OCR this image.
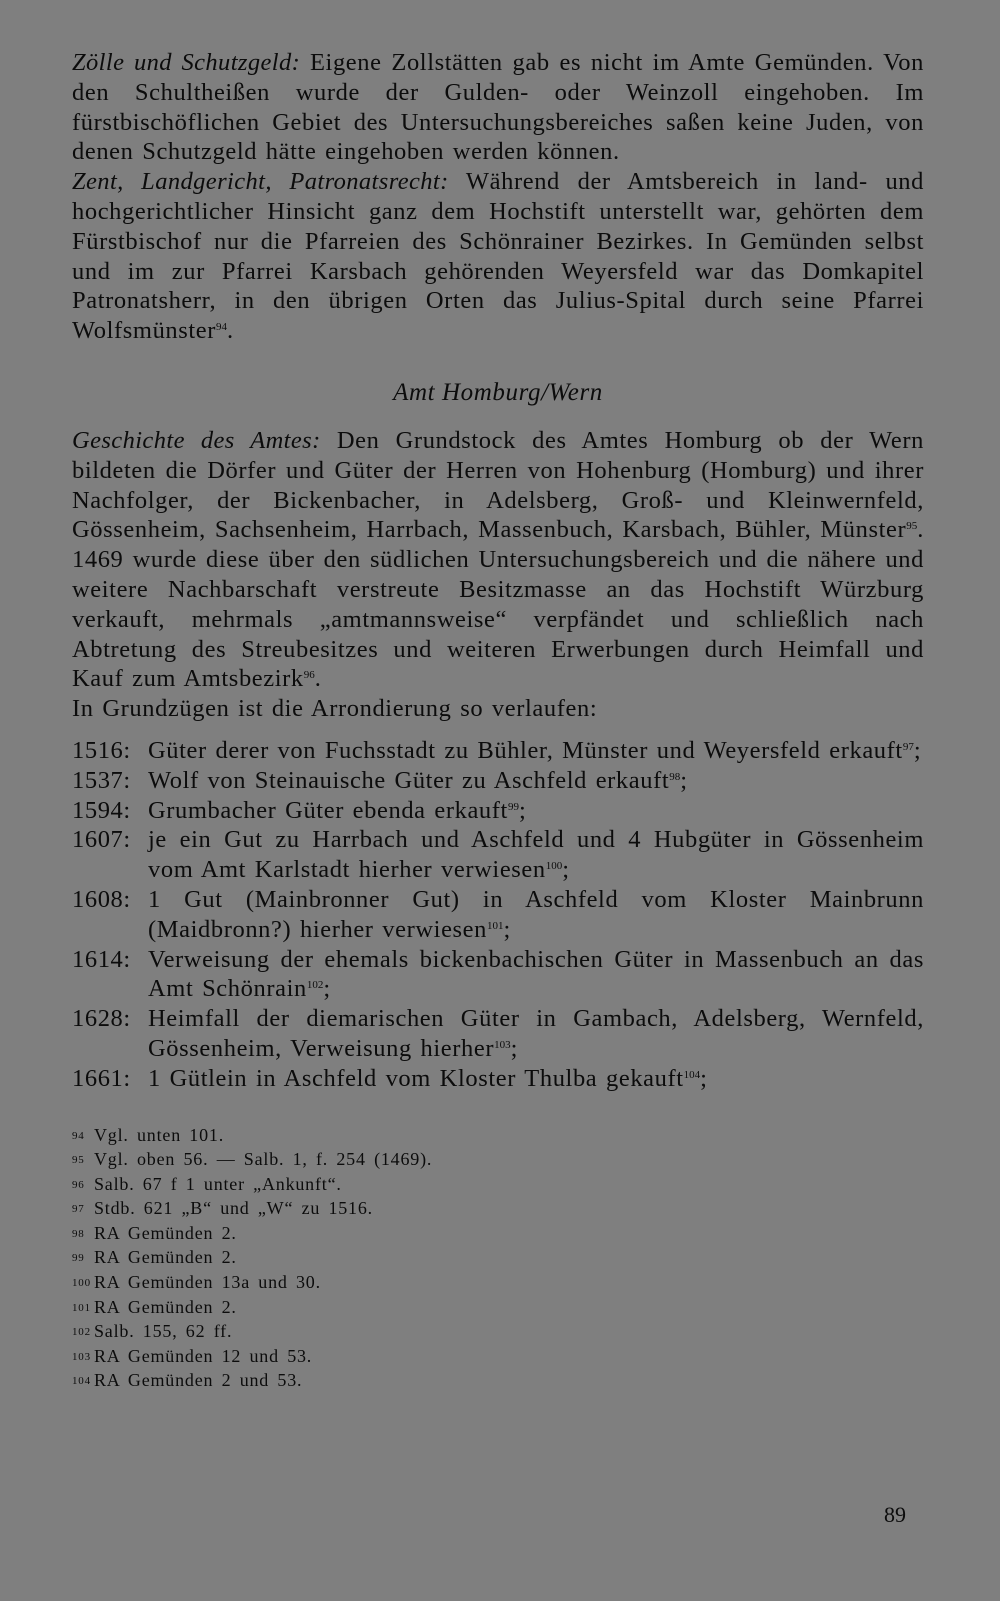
Zölle und Schutzgeld: Eigene Zollstätten gab es nicht im Amte Gemünden. Von den Schultheißen wurde der Gulden- oder Weinzoll eingehoben. Im fürstbischöflichen Gebiet des Untersuchungsbereiches saßen keine Juden, von denen Schutzgeld hätte eingehoben werden können.

Zent, Landgericht, Patronatsrecht: Während der Amtsbereich in land- und hochgerichtlicher Hinsicht ganz dem Hochstift unterstellt war, gehörten dem Fürstbischof nur die Pfarreien des Schönrainer Bezirkes. In Gemünden selbst und im zur Pfarrei Karsbach gehörenden Weyersfeld war das Domkapitel Patronatsherr, in den übrigen Orten das Julius-Spital durch seine Pfarrei Wolfsmünster$^{94}$.

Amt Homburg/Wern

Geschichte des Amtes: Den Grundstock des Amtes Homburg ob der Wern bildeten die Dörfer und Güter der Herren von Hohenburg (Homburg) und ihrer Nachfolger, der Bickenbacher, in Adelsberg, Groß- und Kleinwernfeld, Gössenheim, Sachsenheim, Harrbach, Massenbuch, Karsbach, Bühler, Münster$^{95}$. 1469 wurde diese über den südlichen Untersuchungsbereich und die nähere und weitere Nachbarschaft verstreute Besitzmasse an das Hochstift Würzburg verkauft, mehrmals „amtmannsweise“ verpfändet und schließlich nach Abtretung des Streubesitzes und weiteren Erwerbungen durch Heimfall und Kauf zum Amtsbezirk$^{96}$.

In Grundzügen ist die Arrondierung so verlaufen:

1516: Güter derer von Fuchsstadt zu Bühler, Münster und Weyersfeld erkauft$^{97}$;
1537: Wolf von Steinauische Güter zu Aschfeld erkauft$^{98}$;
1594: Grumbacher Güter ebenda erkauft$^{99}$;
1607: je ein Gut zu Harrbach und Aschfeld und 4 Hubgüter in Gössenheim vom Amt Karlstadt hierher verwiesen$^{100}$;
1608: 1 Gut (Mainbronner Gut) in Aschfeld vom Kloster Mainbrunn (Maidbronn?) hierher verwiesen$^{101}$;
1614: Verweisung der ehemals bickenbachischen Güter in Massenbuch an das Amt Schönrain$^{102}$;
1628: Heimfall der diemarischen Güter in Gambach, Adelsberg, Wernfeld, Gössenheim, Verweisung hierher$^{103}$;
1661: 1 Gütlein in Aschfeld vom Kloster Thulba gekauft$^{104}$;
94 Vgl. unten 101.
95 Vgl. oben 56. — Salb. 1, f. 254 (1469).
96 Salb. 67 f 1 unter „Ankunft“.
97 Stdb. 621 „B“ und „W“ zu 1516.
98 RA Gemünden 2.
99 RA Gemünden 2.
100 RA Gemünden 13a und 30.
101 RA Gemünden 2.
102 Salb. 155, 62 ff.
103 RA Gemünden 12 und 53.
104 RA Gemünden 2 und 53.
89
